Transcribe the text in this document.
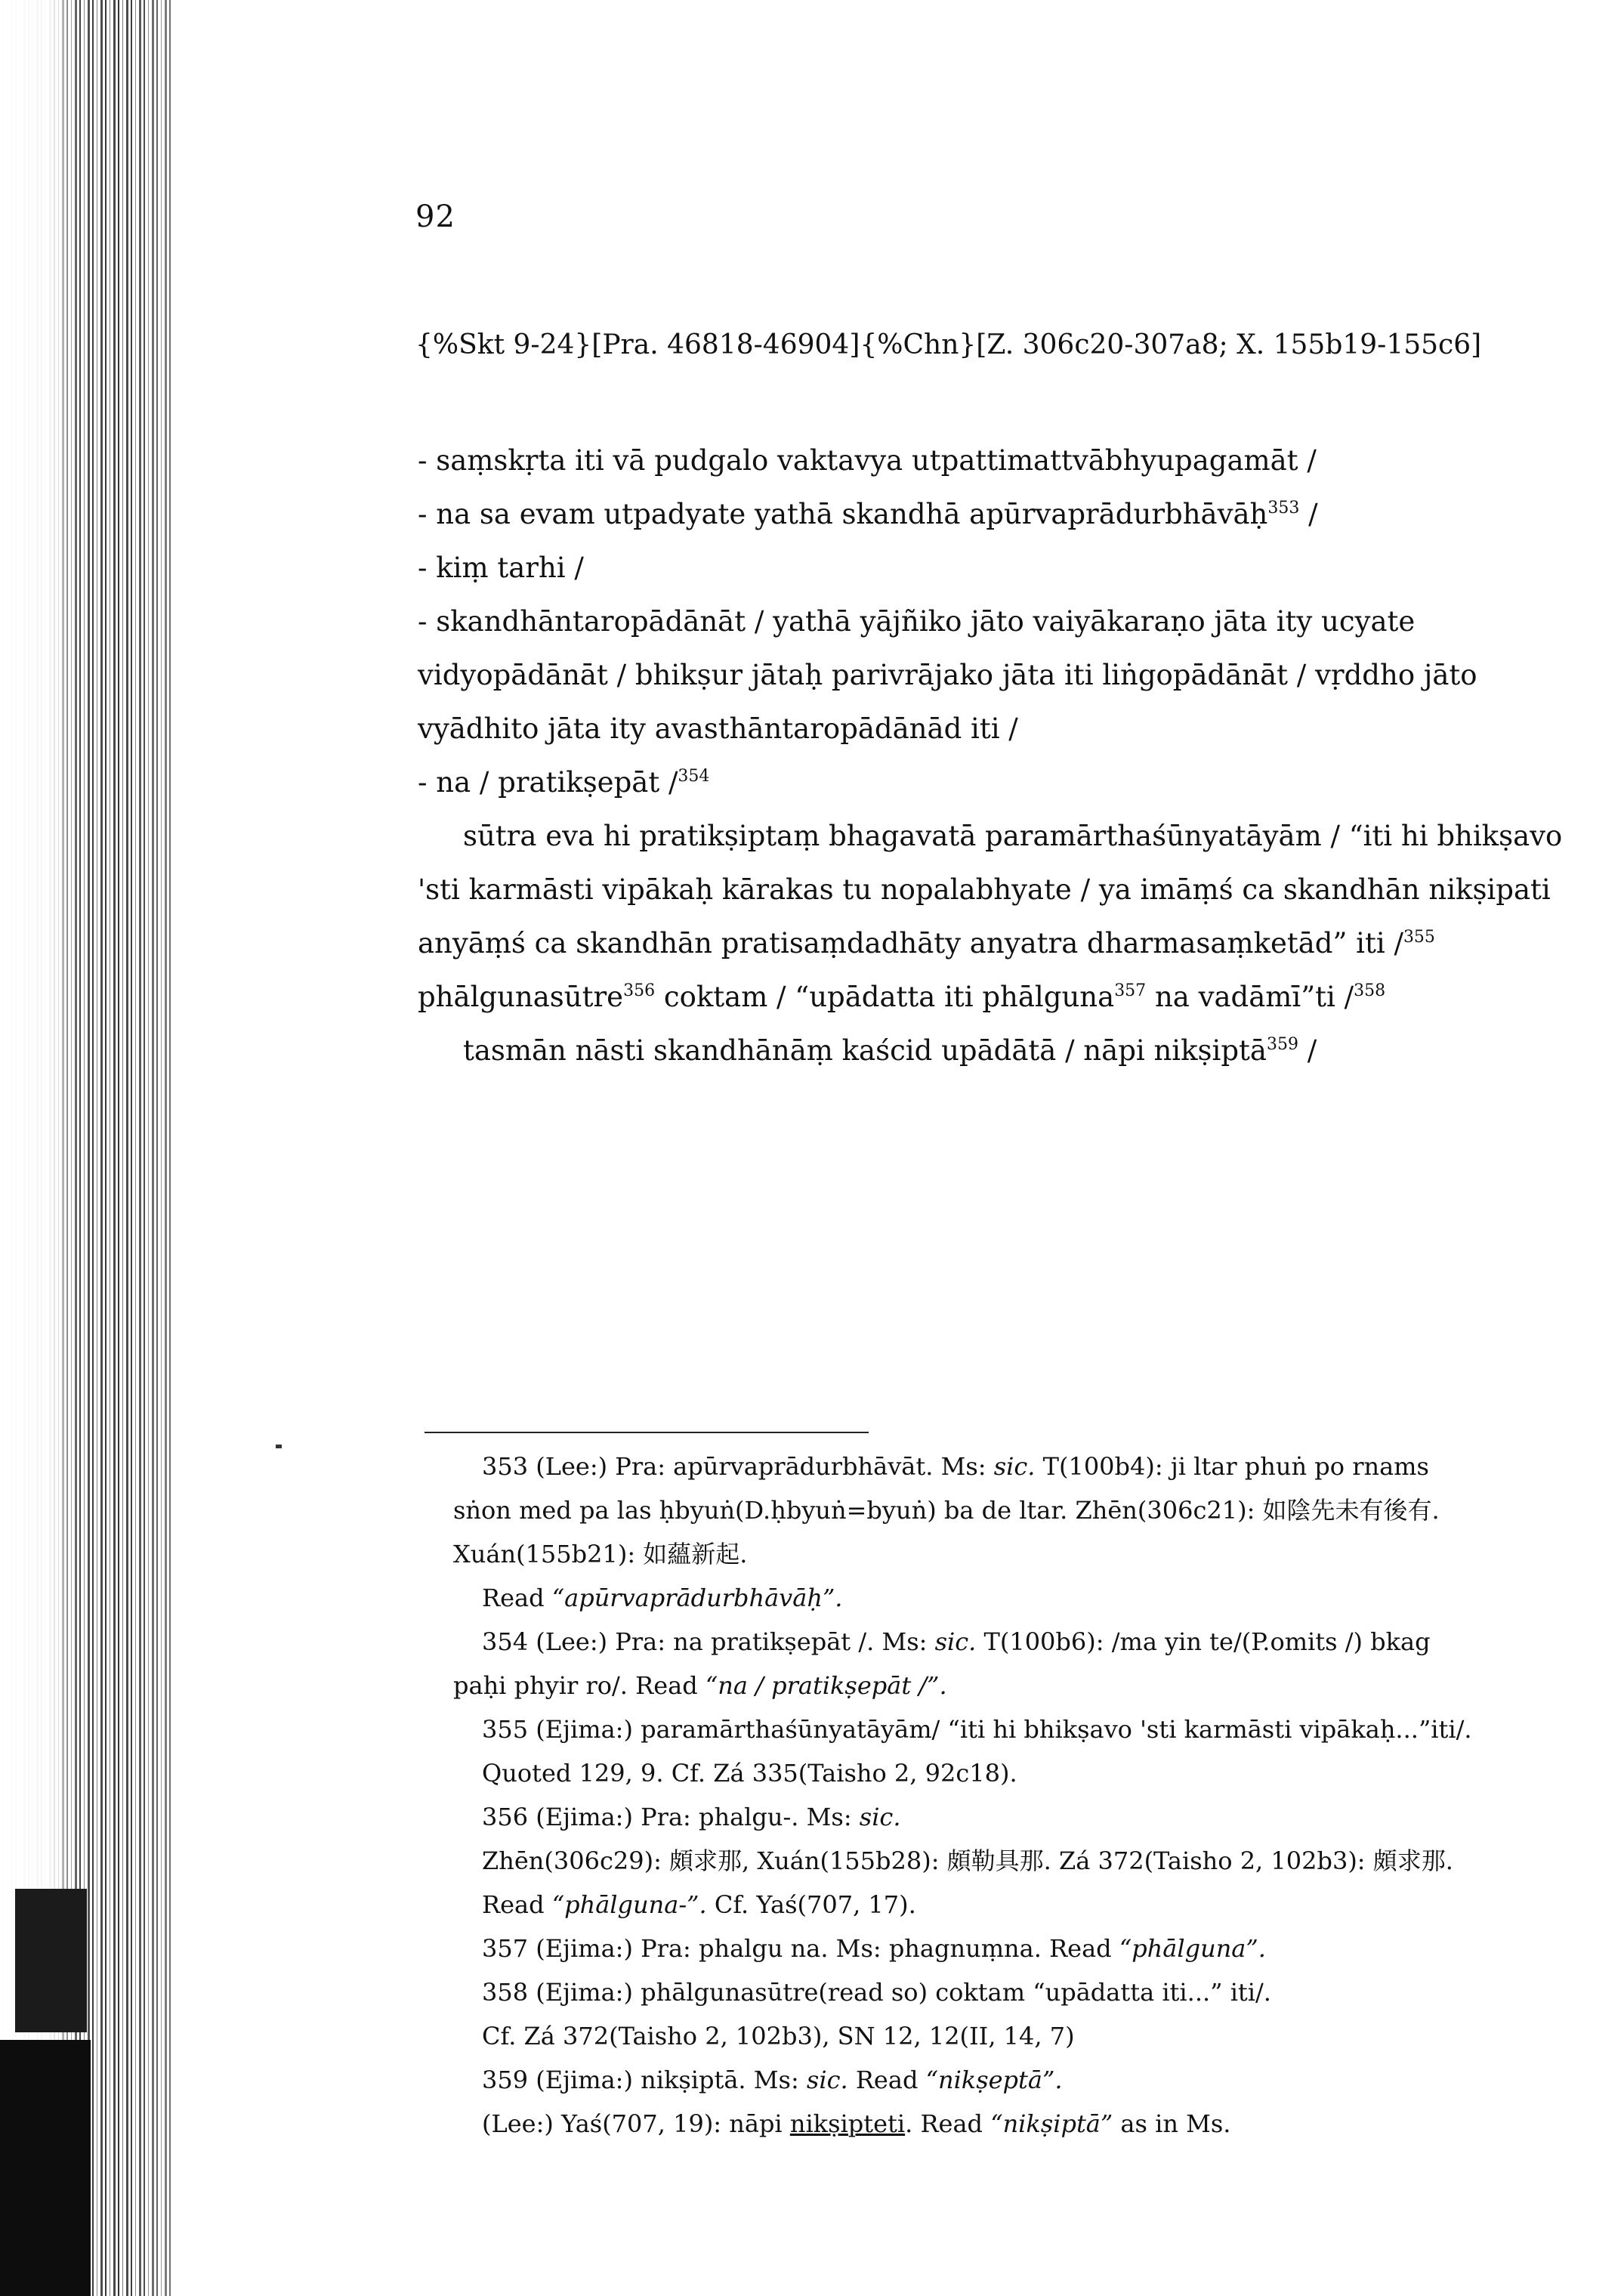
92
{%Skt 9-24}[Pra. 46818-46904]{%Chn}[Z. 306c20-307a8; X. 155b19-155c6]
- saṃskṛta iti vā pudgalo vaktavya utpattimattvābhyupagamāt /
- na sa evam utpadyate yathā skandhā apūrvaprādurbhāvāḥ$^{353}$ /
- kiṃ tarhi /
- skandhāntaropādānāt / yathā yājñiko jāto vaiyākaraṇo jāta ity ucyate
vidyopādānāt / bhikṣur jātaḥ parivrājako jāta iti liṅgopādānāt / vṛddho jāto
vyādhito jāta ity avasthāntaropādānād iti /
- na / pratikṣepāt /$^{354}$
sūtra eva hi pratikṣiptaṃ bhagavatā paramārthaśūnyatāyām / “iti hi bhikṣavo
'sti karmāsti vipākaḥ kārakas tu nopalabhyate / ya imāṃś ca skandhān nikṣipati
anyāṃś ca skandhān pratisaṃdadhāty anyatra dharmasaṃketād” iti /$^{355}$
phālgunasūtre$^{356}$ coktam / “upādatta iti phālguna$^{357}$ na vadāmī”ti /$^{358}$
tasmān nāsti skandhānāṃ kaścid upādātā / nāpi nikṣiptā$^{359}$ /
353 (Lee:) Pra: apūrvaprādurbhāvāt. Ms: sic. T(100b4): ji ltar phuṅ po rnams
sṅon med pa las ḥbyuṅ(D.ḥbyuṅ=byuṅ) ba de ltar. Zhēn(306c21): 如陰先未有後有.
Xuán(155b21): 如蘊新起.
Read “apūrvaprādurbhāvāḥ”.
354 (Lee:) Pra: na pratikṣepāt /. Ms: sic. T(100b6): /ma yin te/(P.omits /) bkag
paḥi phyir ro/. Read “na / pratikṣepāt /”.
355 (Ejima:) paramārthaśūnyatāyām/ “iti hi bhikṣavo 'sti karmāsti vipākaḥ...”iti/.
Quoted 129, 9. Cf. Zá 335(Taisho 2, 92c18).
356 (Ejima:) Pra: phalgu-. Ms: sic.
Zhēn(306c29): 頗求那, Xuán(155b28): 頗勒具那. Zá 372(Taisho 2, 102b3): 頗求那.
Read “phālguna-”. Cf. Yaś(707, 17).
357 (Ejima:) Pra: phalgu na. Ms: phagnuṃna. Read “phālguna”.
358 (Ejima:) phālgunasūtre(read so) coktam “upādatta iti...” iti/.
Cf. Zá 372(Taisho 2, 102b3), SN 12, 12(II, 14, 7)
359 (Ejima:) nikṣiptā. Ms: sic. Read “nikṣeptā”.
(Lee:) Yaś(707, 19): nāpi nikṣipteti. Read “nikṣiptā” as in Ms.
